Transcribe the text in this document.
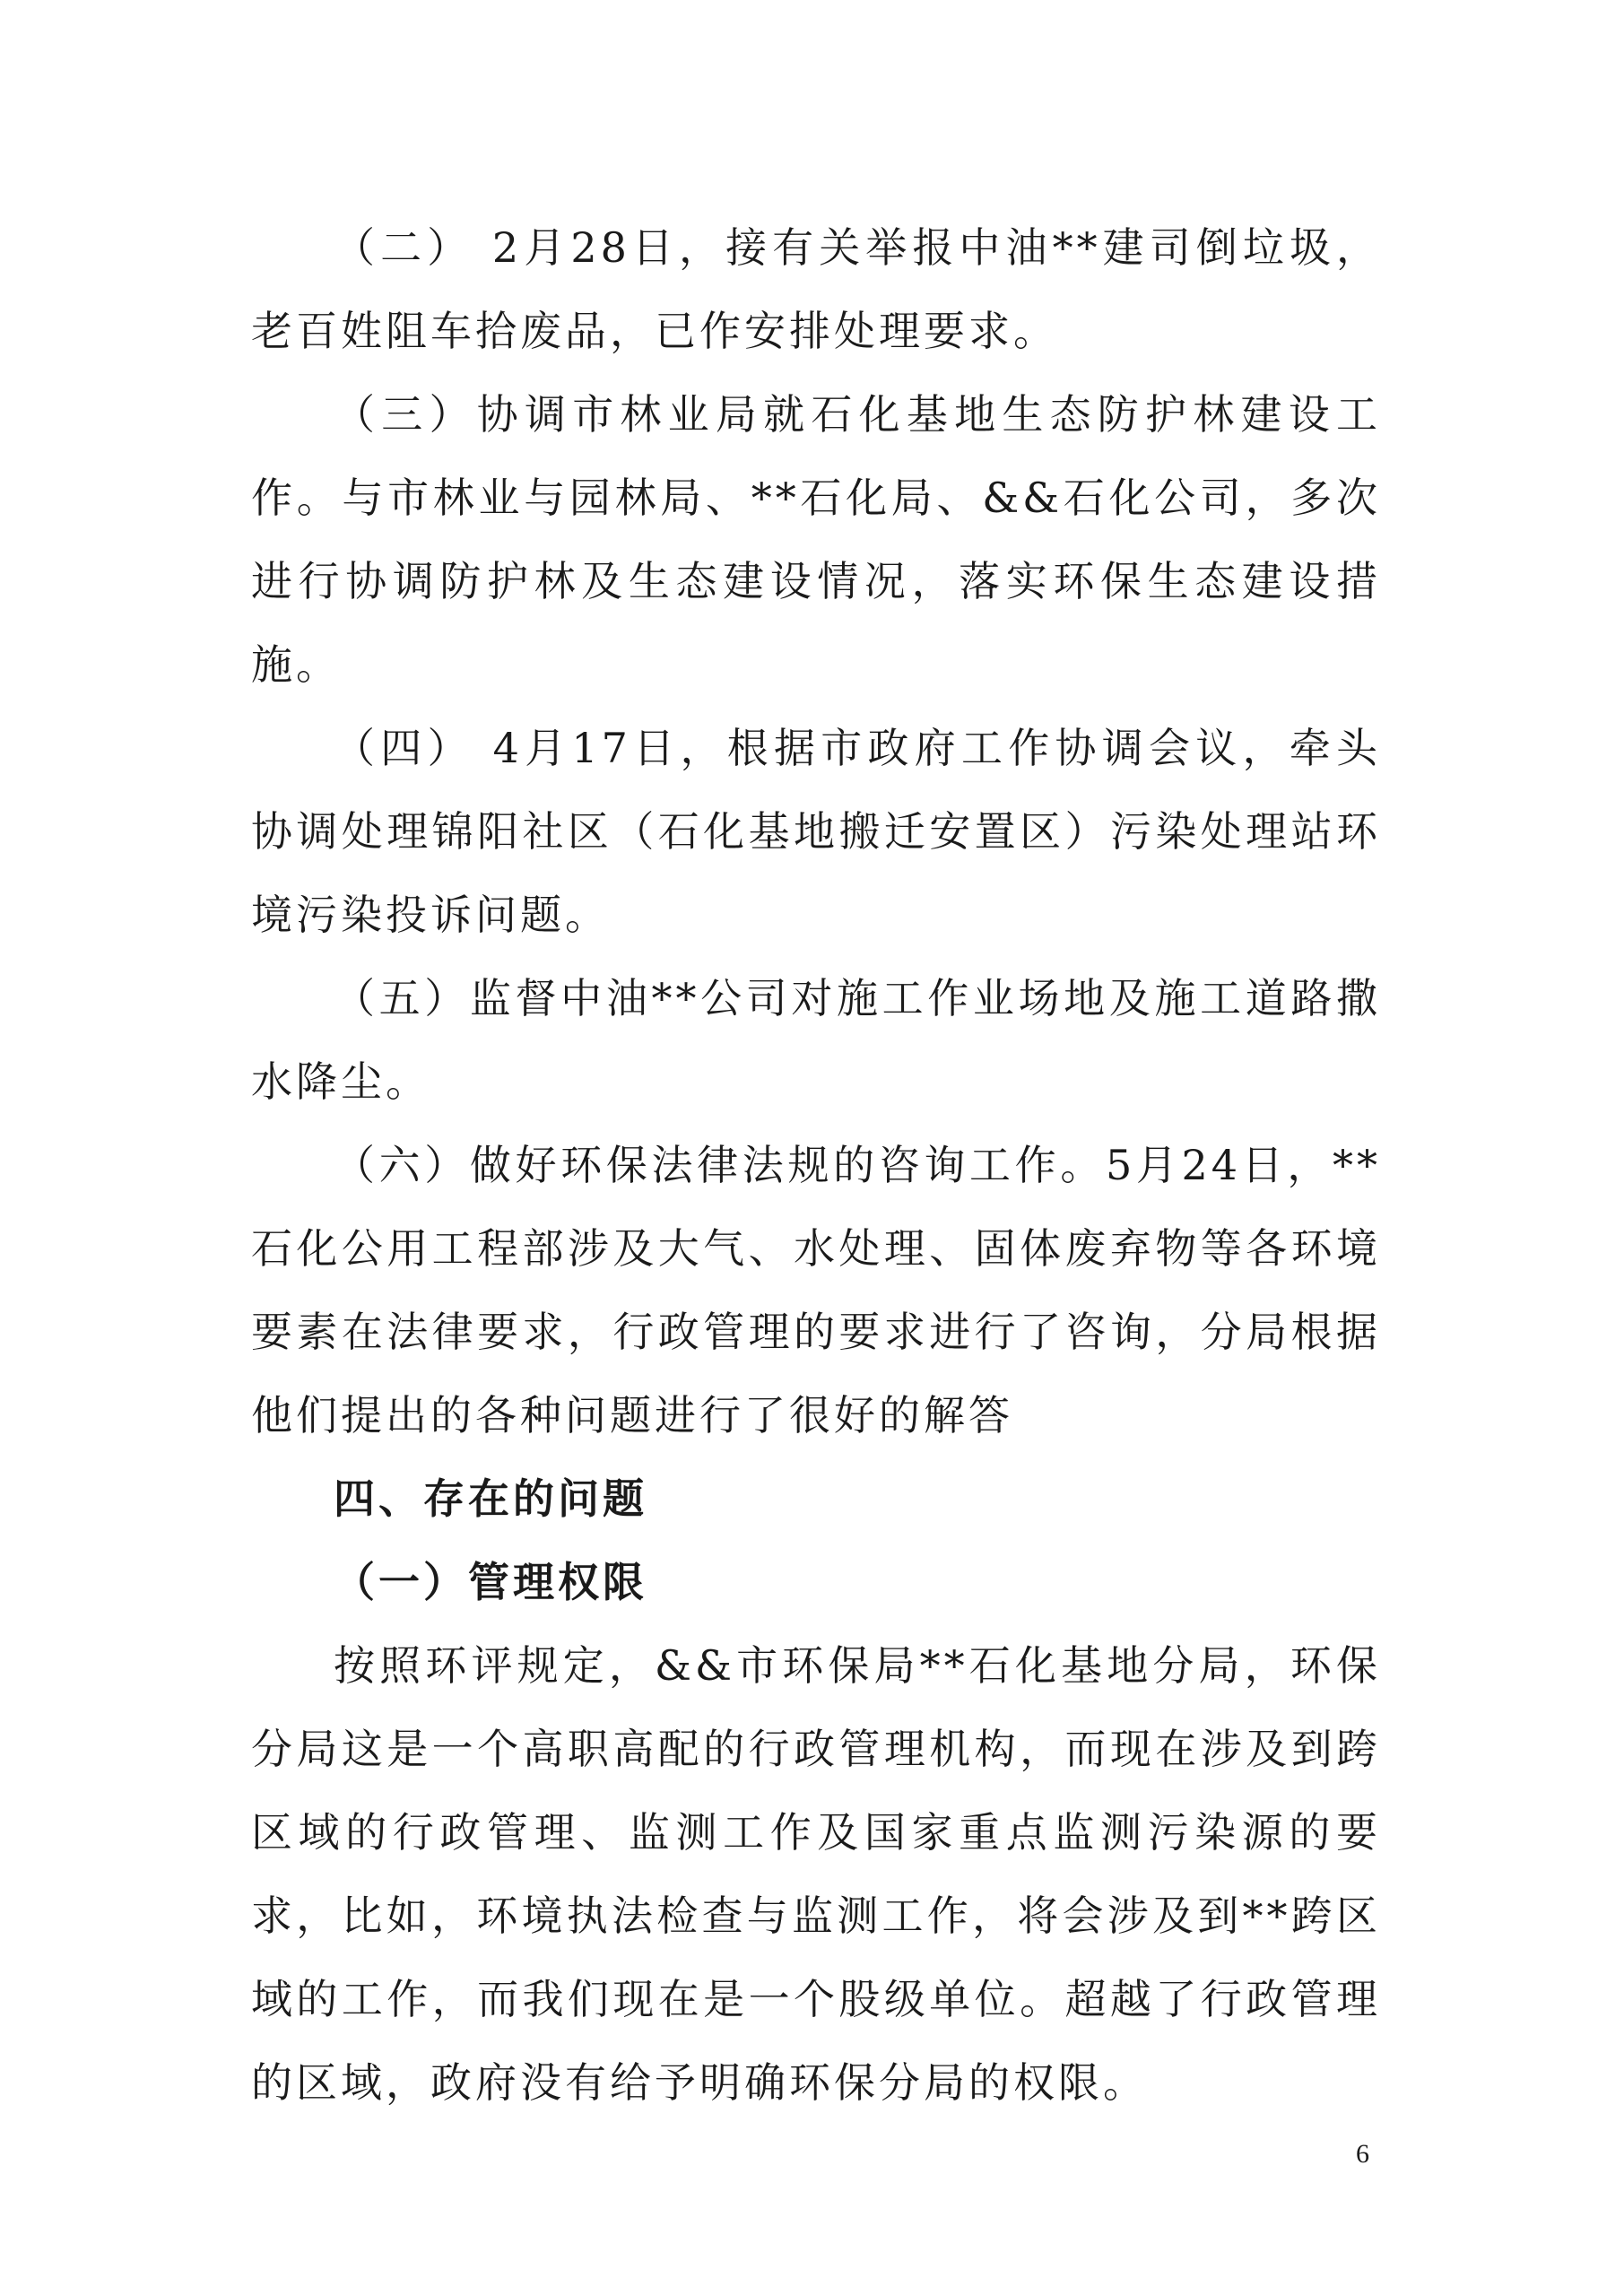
（二） 2月28日，接有关举报中油**建司倒垃圾，老百姓阻车拾废品，已作安排处理要求。

（三）协调市林业局就石化基地生态防护林建设工作。与市林业与园林局、**石化局、&&石化公司，多次进行协调防护林及生态建设情况，落实环保生态建设措施。

（四） 4月17日，根据市政府工作协调会议，牵头协调处理锦阳社区（石化基地搬迁安置区）污染处理站环境污染投诉问题。

（五）监督中油**公司对施工作业场地及施工道路撒水降尘。

（六）做好环保法律法规的咨询工作。5月24日，**石化公用工程部涉及大气、水处理、固体废弃物等各环境要素在法律要求，行政管理的要求进行了咨询，分局根据他们提出的各种问题进行了很好的解答

四、存在的问题

（一）管理权限

按照环评规定，&&市环保局**石化基地分局，环保分局这是一个高职高配的行政管理机构，而现在涉及到跨区域的行政管理、监测工作及国家重点监测污染源的要求，比如，环境执法检查与监测工作，将会涉及到**跨区域的工作，而我们现在是一个股级单位。超越了行政管理的区域，政府没有给予明确环保分局的权限。

6
